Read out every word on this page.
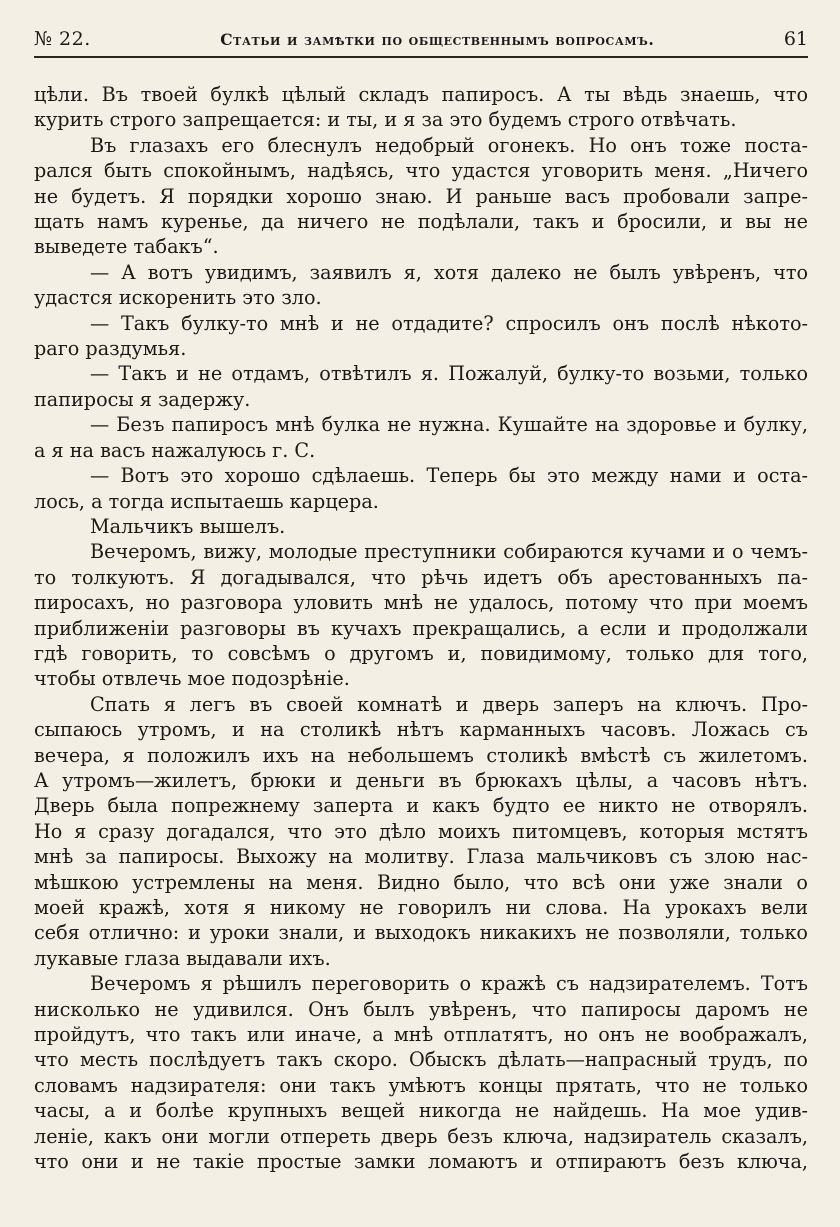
№ 22.	Статьи и замѣтки по общественнымъ вопросамъ.	61

цѣли. Въ твоей булкѣ цѣлый складъ папиросъ. А ты вѣдь знаешь, что

курить строго запрещается: и ты, и я за это будемъ строго отвѣчать.

Въ глазахъ его блеснулъ недобрый огонекъ. Но онъ тоже поста-

рался быть спокойнымъ, надѣясь, что удастся уговорить меня. „Ничего

не будетъ. Я порядки хорошо знаю. И раньше васъ пробовали запре-

щать намъ куренье, да ничего не подѣлали, такъ и бросили, и вы не

выведете табакъ“.

— А вотъ увидимъ, заявилъ я, хотя далеко не былъ увѣренъ, что

удастся искоренить это зло.

— Такъ булку-то мнѣ и не отдадите? спросилъ онъ послѣ нѣкото-

раго раздумья.

— Такъ и не отдамъ, отвѣтилъ я. Пожалуй, булку-то возьми, только

папиросы я задержу.

— Безъ папиросъ мнѣ булка не нужна. Кушайте на здоровье и булку,

а я на васъ нажалуюсь г. С.

— Вотъ это хорошо сдѣлаешь. Теперь бы это между нами и оста-

лось, а тогда испытаешь карцера.

Мальчикъ вышелъ.

Вечеромъ, вижу, молодые преступники собираются кучами и о чемъ-

то толкуютъ. Я догадывался, что рѣчь идетъ объ арестованныхъ па-

пиросахъ, но разговора уловить мнѣ не удалось, потому что при моемъ

приближеніи разговоры въ кучахъ прекращались, а если и продолжали

гдѣ говорить, то совсѣмъ о другомъ и, повидимому, только для того,

чтобы отвлечь мое подозрѣніе.

Спать я легъ въ своей комнатѣ и дверь заперъ на ключъ. Про-

сыпаюсь утромъ, и на столикѣ нѣтъ карманныхъ часовъ. Ложась съ

вечера, я положилъ ихъ на небольшемъ столикѣ вмѣстѣ съ жилетомъ.

А утромъ—жилетъ, брюки и деньги въ брюкахъ цѣлы, а часовъ нѣтъ.

Дверь была попрежнему заперта и какъ будто ее никто не отворялъ.

Но я сразу догадался, что это дѣло моихъ питомцевъ, которыя мстятъ

мнѣ за папиросы. Выхожу на молитву. Глаза мальчиковъ съ злою нас-

мѣшкою устремлены на меня. Видно было, что всѣ они уже знали о

моей кражѣ, хотя я никому не говорилъ ни слова. На урокахъ вели

себя отлично: и уроки знали, и выходокъ никакихъ не позволяли, только

лукавые глаза выдавали ихъ.

Вечеромъ я рѣшилъ переговорить о кражѣ съ надзирателемъ. Тотъ

нисколько не удивился. Онъ былъ увѣренъ, что папиросы даромъ не

пройдутъ, что такъ или иначе, а мнѣ отплатятъ, но онъ не воображалъ,

что месть послѣдуетъ такъ скоро. Обыскъ дѣлать—напрасный трудъ, по

словамъ надзирателя: они такъ умѣютъ концы прятать, что не только

часы, а и болѣе крупныхъ вещей никогда не найдешь. На мое удив-

леніе, какъ они могли отпереть дверь безъ ключа, надзиратель сказалъ,

что они и не такіе простые замки ломаютъ и отпираютъ безъ ключа,
